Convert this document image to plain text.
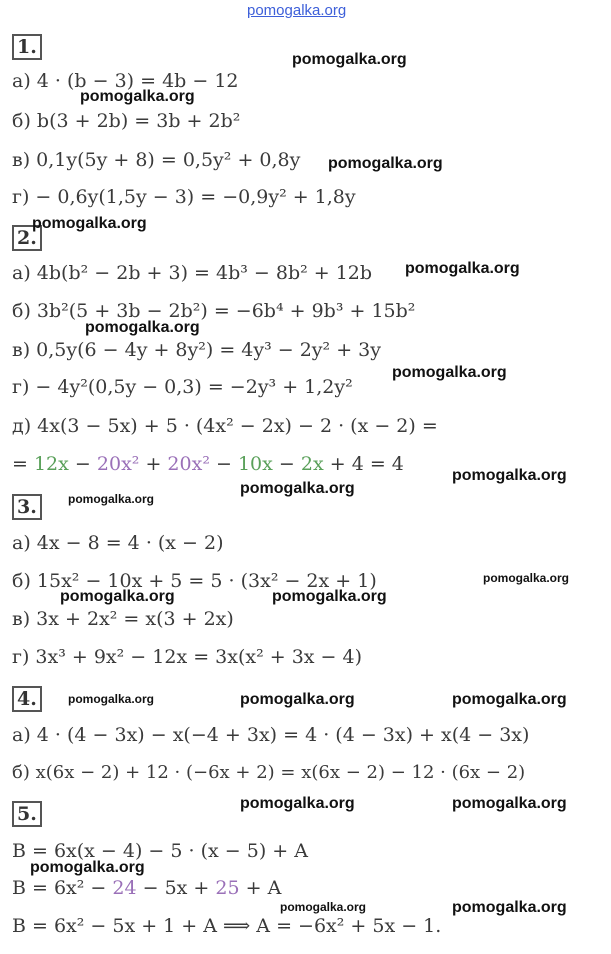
pomogalka.org
1.
а) 4 · (b − 3) = 4b − 12
б) b(3 + 2b) = 3b + 2b²
в) 0,1y(5y + 8) = 0,5y² + 0,8y
г) − 0,6y(1,5y − 3) = −0,9y² + 1,8y
2.
а) 4b(b² − 2b + 3) = 4b³ − 8b² + 12b
б) 3b²(5 + 3b − 2b²) = −6b⁴ + 9b³ + 15b²
в) 0,5y(6 − 4y + 8y²) = 4y³ − 2y² + 3y
г) − 4y²(0,5y − 0,3) = −2y³ + 1,2y²
д) 4x(3 − 5x) + 5 · (4x² − 2x) − 2 · (x − 2) =
= 12x − 20x² + 20x² − 10x − 2x + 4 = 4
3.
а) 4x − 8 = 4 · (x − 2)
б) 15x² − 10x + 5 = 5 · (3x² − 2x + 1)
в) 3x + 2x² = x(3 + 2x)
г) 3x³ + 9x² − 12x = 3x(x² + 3x − 4)
4.
а) 4 · (4 − 3x) − x(−4 + 3x) = 4 · (4 − 3x) + x(4 − 3x)
б) x(6x − 2) + 12 · (−6x + 2) = x(6x − 2) − 12 · (6x − 2)
5.
B = 6x(x − 4) − 5 · (x − 5) + A
B = 6x² − 24 − 5x + 25 + A
B = 6x² − 5x + 1 + A ⟹ A = −6x² + 5x − 1.
pomogalka.org
pomogalka.org
pomogalka.org
pomogalka.org
pomogalka.org
pomogalka.org
pomogalka.org
pomogalka.org
pomogalka.org
pomogalka.org
pomogalka.org
pomogalka.org	pomogalka.org
pomogalka.org	pomogalka.org	pomogalka.org
pomogalka.org	pomogalka.org
pomogalka.org
pomogalka.org	pomogalka.org
